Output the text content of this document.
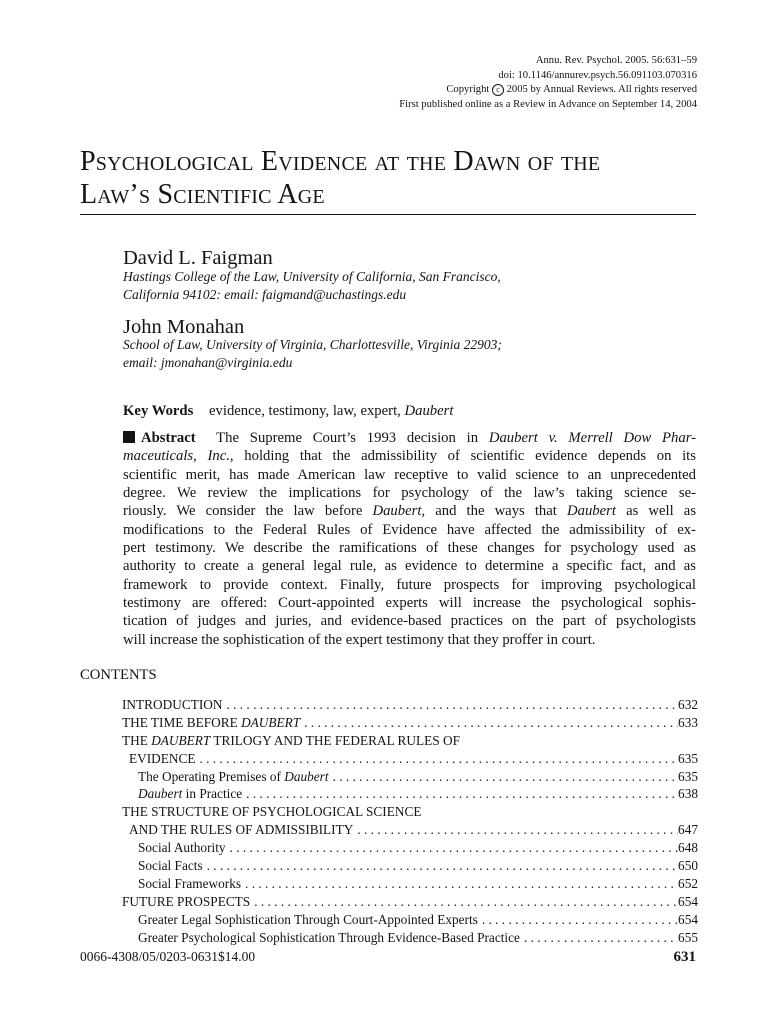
Annu. Rev. Psychol. 2005. 56:631–59
doi: 10.1146/annurev.psych.56.091103.070316
Copyright c 2005 by Annual Reviews. All rights reserved
First published online as a Review in Advance on September 14, 2004
Psychological Evidence at the Dawn of the
Law’s Scientific Age
David L. Faigman
Hastings College of the Law, University of California, San Francisco,
California 94102: email: faigmand@uchastings.edu
John Monahan
School of Law, University of Virginia, Charlottesville, Virginia 22903;
email: jmonahan@virginia.edu
Key Words evidence, testimony, law, expert, Daubert
Abstract The Supreme Court’s 1993 decision in Daubert v. Merrell Dow Phar-
maceuticals, Inc., holding that the admissibility of scientific evidence depends on its
scientific merit, has made American law receptive to valid science to an unprecedented
degree. We review the implications for psychology of the law’s taking science se-
riously. We consider the law before Daubert, and the ways that Daubert as well as
modifications to the Federal Rules of Evidence have affected the admissibility of ex-
pert testimony. We describe the ramifications of these changes for psychology used as
authority to create a general legal rule, as evidence to determine a specific fact, and as
framework to provide context. Finally, future prospects for improving psychological
testimony are offered: Court-appointed experts will increase the psychological sophis-
tication of judges and juries, and evidence-based practices on the part of psychologists
will increase the sophistication of the expert testimony that they proffer in court.
CONTENTS
INTRODUCTION . . .	632
THE TIME BEFORE DAUBERT . . .	633
THE DAUBERT TRILOGY AND THE FEDERAL RULES OF
EVIDENCE . . .	635
The Operating Premises of Daubert . . .	635
Daubert in Practice . . .	638
THE STRUCTURE OF PSYCHOLOGICAL SCIENCE
AND THE RULES OF ADMISSIBILITY . . .	647
Social Authority . . .	648
Social Facts . . .	650
Social Frameworks . . .	652
FUTURE PROSPECTS . . .	654
Greater Legal Sophistication Through Court-Appointed Experts . . .	654
Greater Psychological Sophistication Through Evidence-Based Practice . . .	655
0066-4308/05/0203-0631$14.00	631
